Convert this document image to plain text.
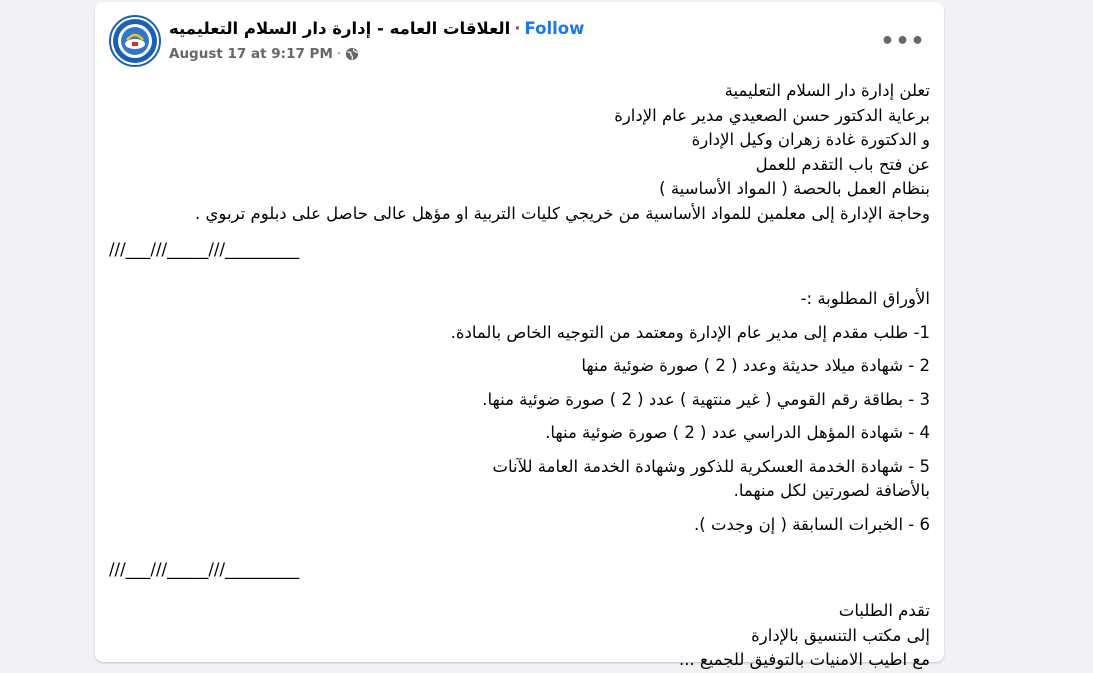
العلاقات العامه - إدارة دار السلام التعليميه · Follow
August 17 at 9:17 PM ·	•••
تعلن إدارة دار السلام التعليمية
برعاية الدكتور حسن الصعيدي مدير عام الإدارة
و الدكتورة غادة زهران وكيل الإدارة
عن فتح باب التقدم للعمل
بنظام العمل بالحصة ( المواد الأساسية )
وحاجة الإدارة إلى معلمين للمواد الأساسية من خريجي كليات التربية او مؤهل عالى حاصل على دبلوم تربوي .
///___///_____///_________
الأوراق المطلوبة :-
1- طلب مقدم إلى مدير عام الإدارة ومعتمد من التوجيه الخاص بالمادة.
2 - شهادة ميلاد حديثة وعدد ( 2 ) صورة ضوئية منها
3 - بطاقة رقم القومي ( غير منتهية ) عدد ( 2 ) صورة ضوئية منها.
4 - شهادة المؤهل الدراسي عدد ( 2 ) صورة ضوئية منها.
5 - شهادة الخدمة العسكرية للذكور وشهادة الخدمة العامة للآنات
بالأضافة لصورتين لكل منهما.
6 - الخبرات السابقة ( إن وجدت ).
///___///_____///_________
تقدم الطلبات
إلى مكتب التنسيق بالإدارة
مع اطيب الامنيات بالتوفيق للجميع ...
